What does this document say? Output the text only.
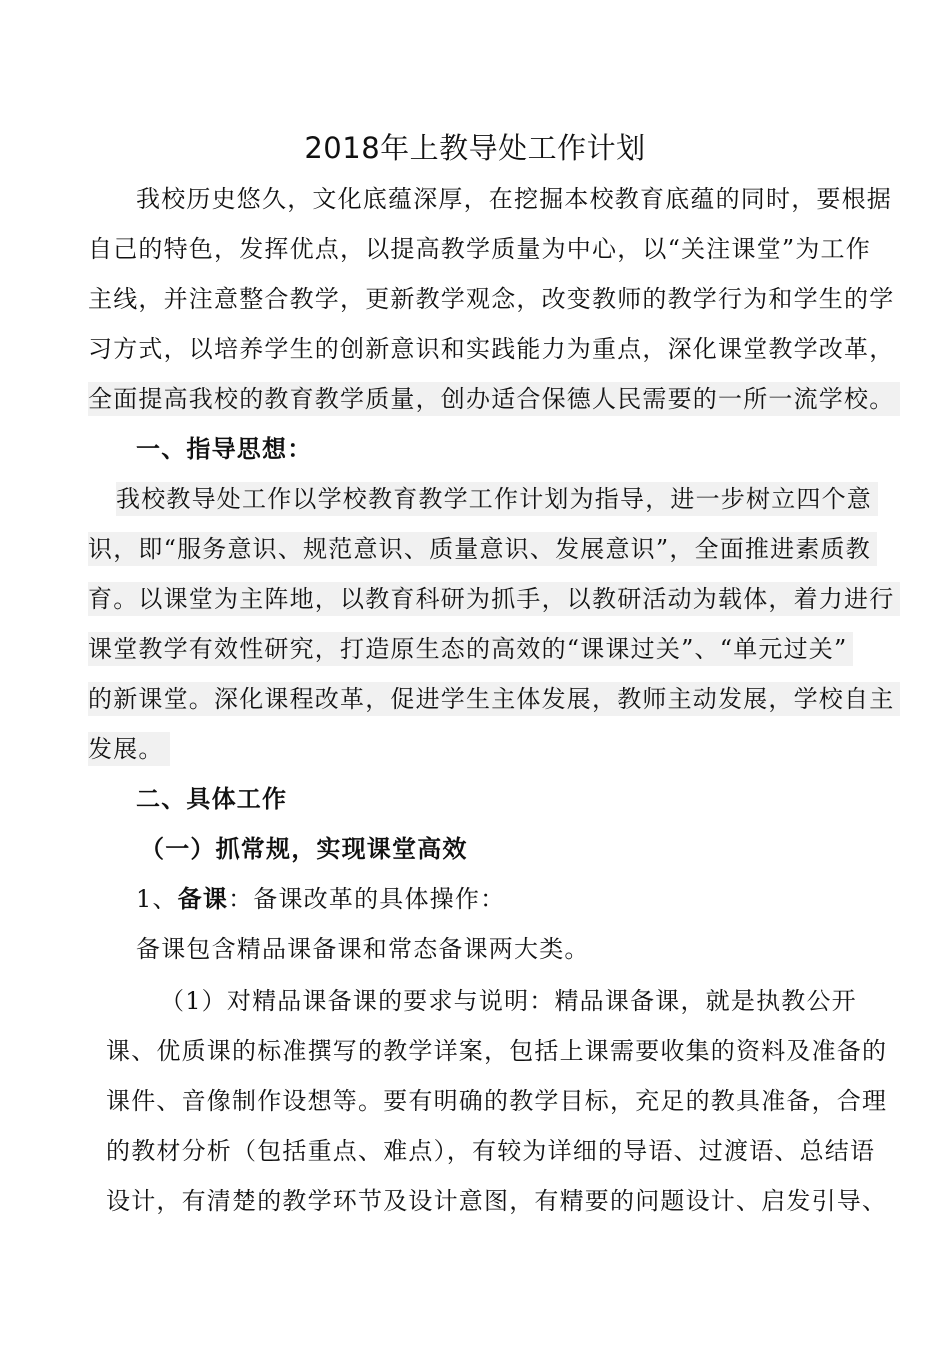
2018年上教导处工作计划
我校历史悠久，文化底蕴深厚，在挖掘本校教育底蕴的同时，要根据
自己的特色，发挥优点，以提高教学质量为中心，以“关注课堂”为工作
主线，并注意整合教学，更新教学观念，改变教师的教学行为和学生的学
习方式，以培养学生的创新意识和实践能力为重点，深化课堂教学改革，
全面提高我校的教育教学质量，创办适合保德人民需要的一所一流学校。
一、指导思想：
我校教导处工作以学校教育教学工作计划为指导，进一步树立四个意
识，即“服务意识、规范意识、质量意识、发展意识”，全面推进素质教
育。以课堂为主阵地，以教育科研为抓手，以教研活动为载体，着力进行
课堂教学有效性研究，打造原生态的高效的“课课过关”、“单元过关”
的新课堂。深化课程改革，促进学生主体发展，教师主动发展，学校自主
发展。
二、具体工作
（一）抓常规，实现课堂高效
1、备课：备课改革的具体操作：
备课包含精品课备课和常态备课两大类。
（1）对精品课备课的要求与说明：精品课备课，就是执教公开
课、优质课的标准撰写的教学详案，包括上课需要收集的资料及准备的
课件、音像制作设想等。要有明确的教学目标，充足的教具准备，合理
的教材分析（包括重点、难点），有较为详细的导语、过渡语、总结语
设计，有清楚的教学环节及设计意图，有精要的问题设计、启发引导、
